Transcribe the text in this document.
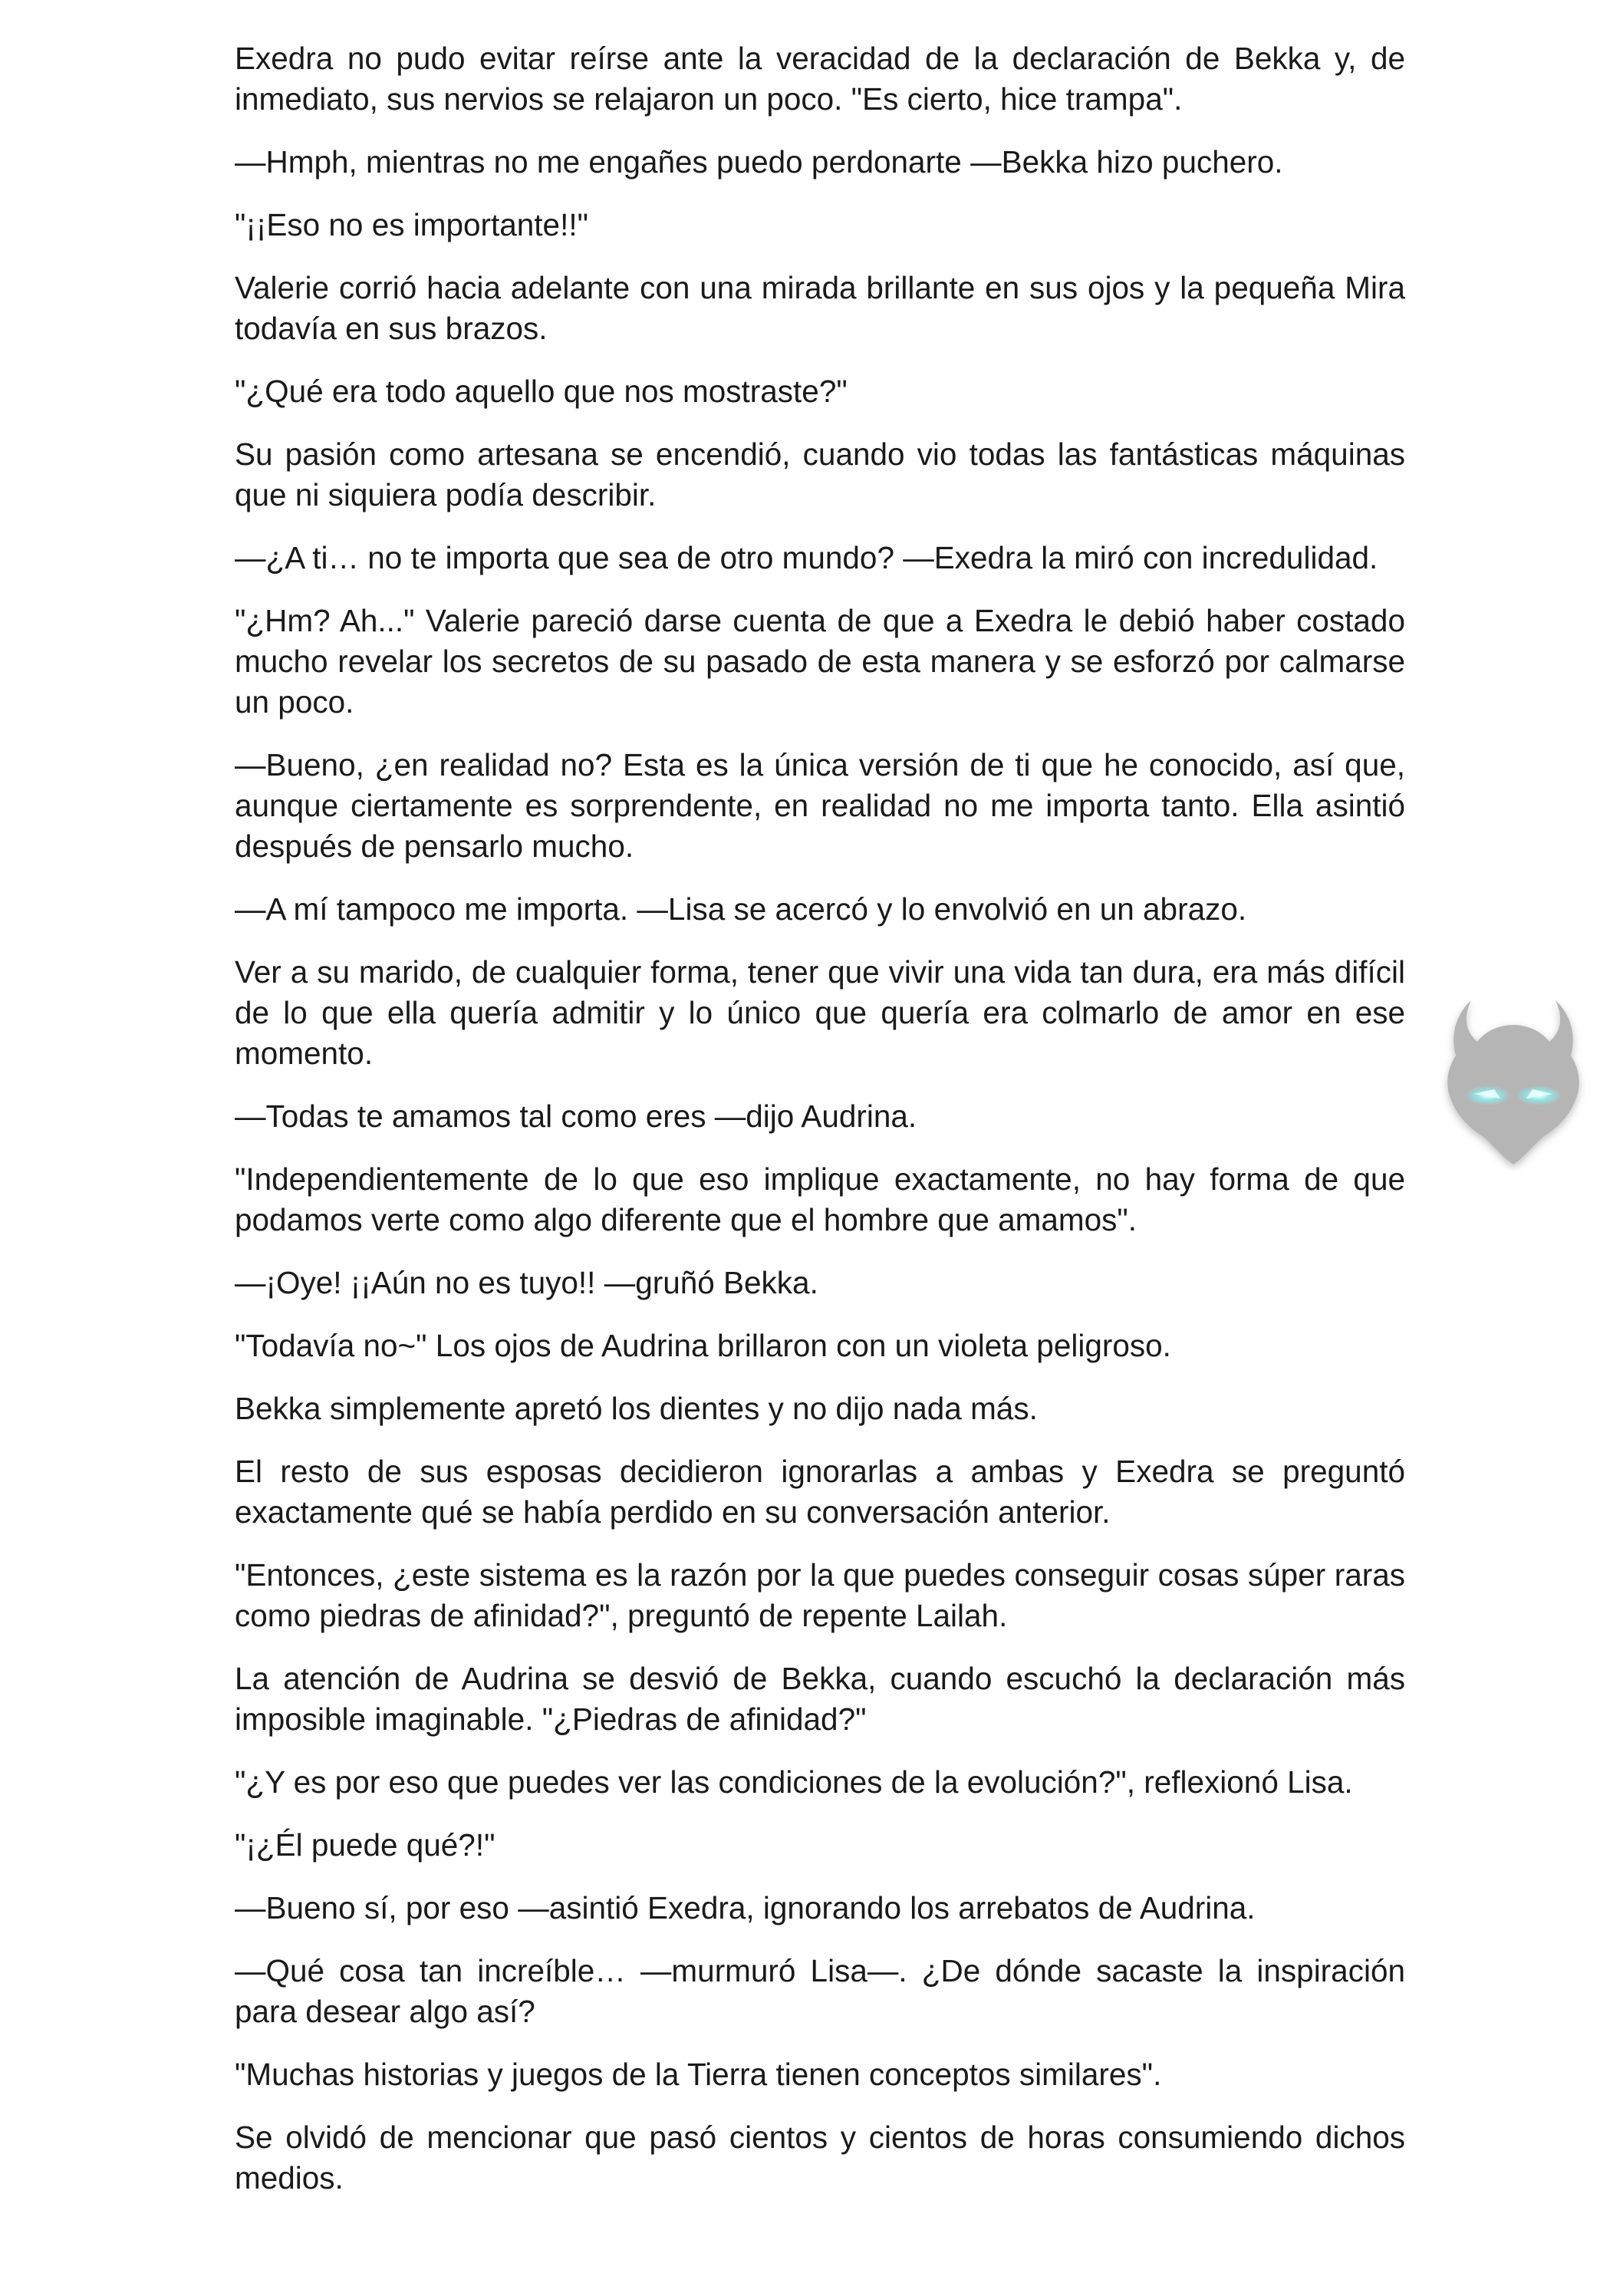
Exedra no pudo evitar reírse ante la veracidad de la declaración de Bekka y, de inmediato, sus nervios se relajaron un poco. "Es cierto, hice trampa".

—Hmph, mientras no me engañes puedo perdonarte —Bekka hizo puchero.

"¡¡Eso no es importante!!"

Valerie corrió hacia adelante con una mirada brillante en sus ojos y la pequeña Mira todavía en sus brazos.

"¿Qué era todo aquello que nos mostraste?"

Su pasión como artesana se encendió, cuando vio todas las fantásticas máquinas que ni siquiera podía describir.

—¿A ti… no te importa que sea de otro mundo? —Exedra la miró con incredulidad.

"¿Hm? Ah..." Valerie pareció darse cuenta de que a Exedra le debió haber costado mucho revelar los secretos de su pasado de esta manera y se esforzó por calmarse un poco.

—Bueno, ¿en realidad no? Esta es la única versión de ti que he conocido, así que, aunque ciertamente es sorprendente, en realidad no me importa tanto. Ella asintió después de pensarlo mucho.

—A mí tampoco me importa. —Lisa se acercó y lo envolvió en un abrazo.

Ver a su marido, de cualquier forma, tener que vivir una vida tan dura, era más difícil de lo que ella quería admitir y lo único que quería era colmarlo de amor en ese momento.

—Todas te amamos tal como eres —dijo Audrina.

"Independientemente de lo que eso implique exactamente, no hay forma de que podamos verte como algo diferente que el hombre que amamos".

—¡Oye! ¡¡Aún no es tuyo!! —gruñó Bekka.

"Todavía no~" Los ojos de Audrina brillaron con un violeta peligroso.

Bekka simplemente apretó los dientes y no dijo nada más.

El resto de sus esposas decidieron ignorarlas a ambas y Exedra se preguntó exactamente qué se había perdido en su conversación anterior.

"Entonces, ¿este sistema es la razón por la que puedes conseguir cosas súper raras como piedras de afinidad?", preguntó de repente Lailah.

La atención de Audrina se desvió de Bekka, cuando escuchó la declaración más imposible imaginable. "¿Piedras de afinidad?"

"¿Y es por eso que puedes ver las condiciones de la evolución?", reflexionó Lisa.

"¡¿Él puede qué?!"

—Bueno sí, por eso —asintió Exedra, ignorando los arrebatos de Audrina.

—Qué cosa tan increíble… —murmuró Lisa—. ¿De dónde sacaste la inspiración para desear algo así?

"Muchas historias y juegos de la Tierra tienen conceptos similares".

Se olvidó de mencionar que pasó cientos y cientos de horas consumiendo dichos medios.
